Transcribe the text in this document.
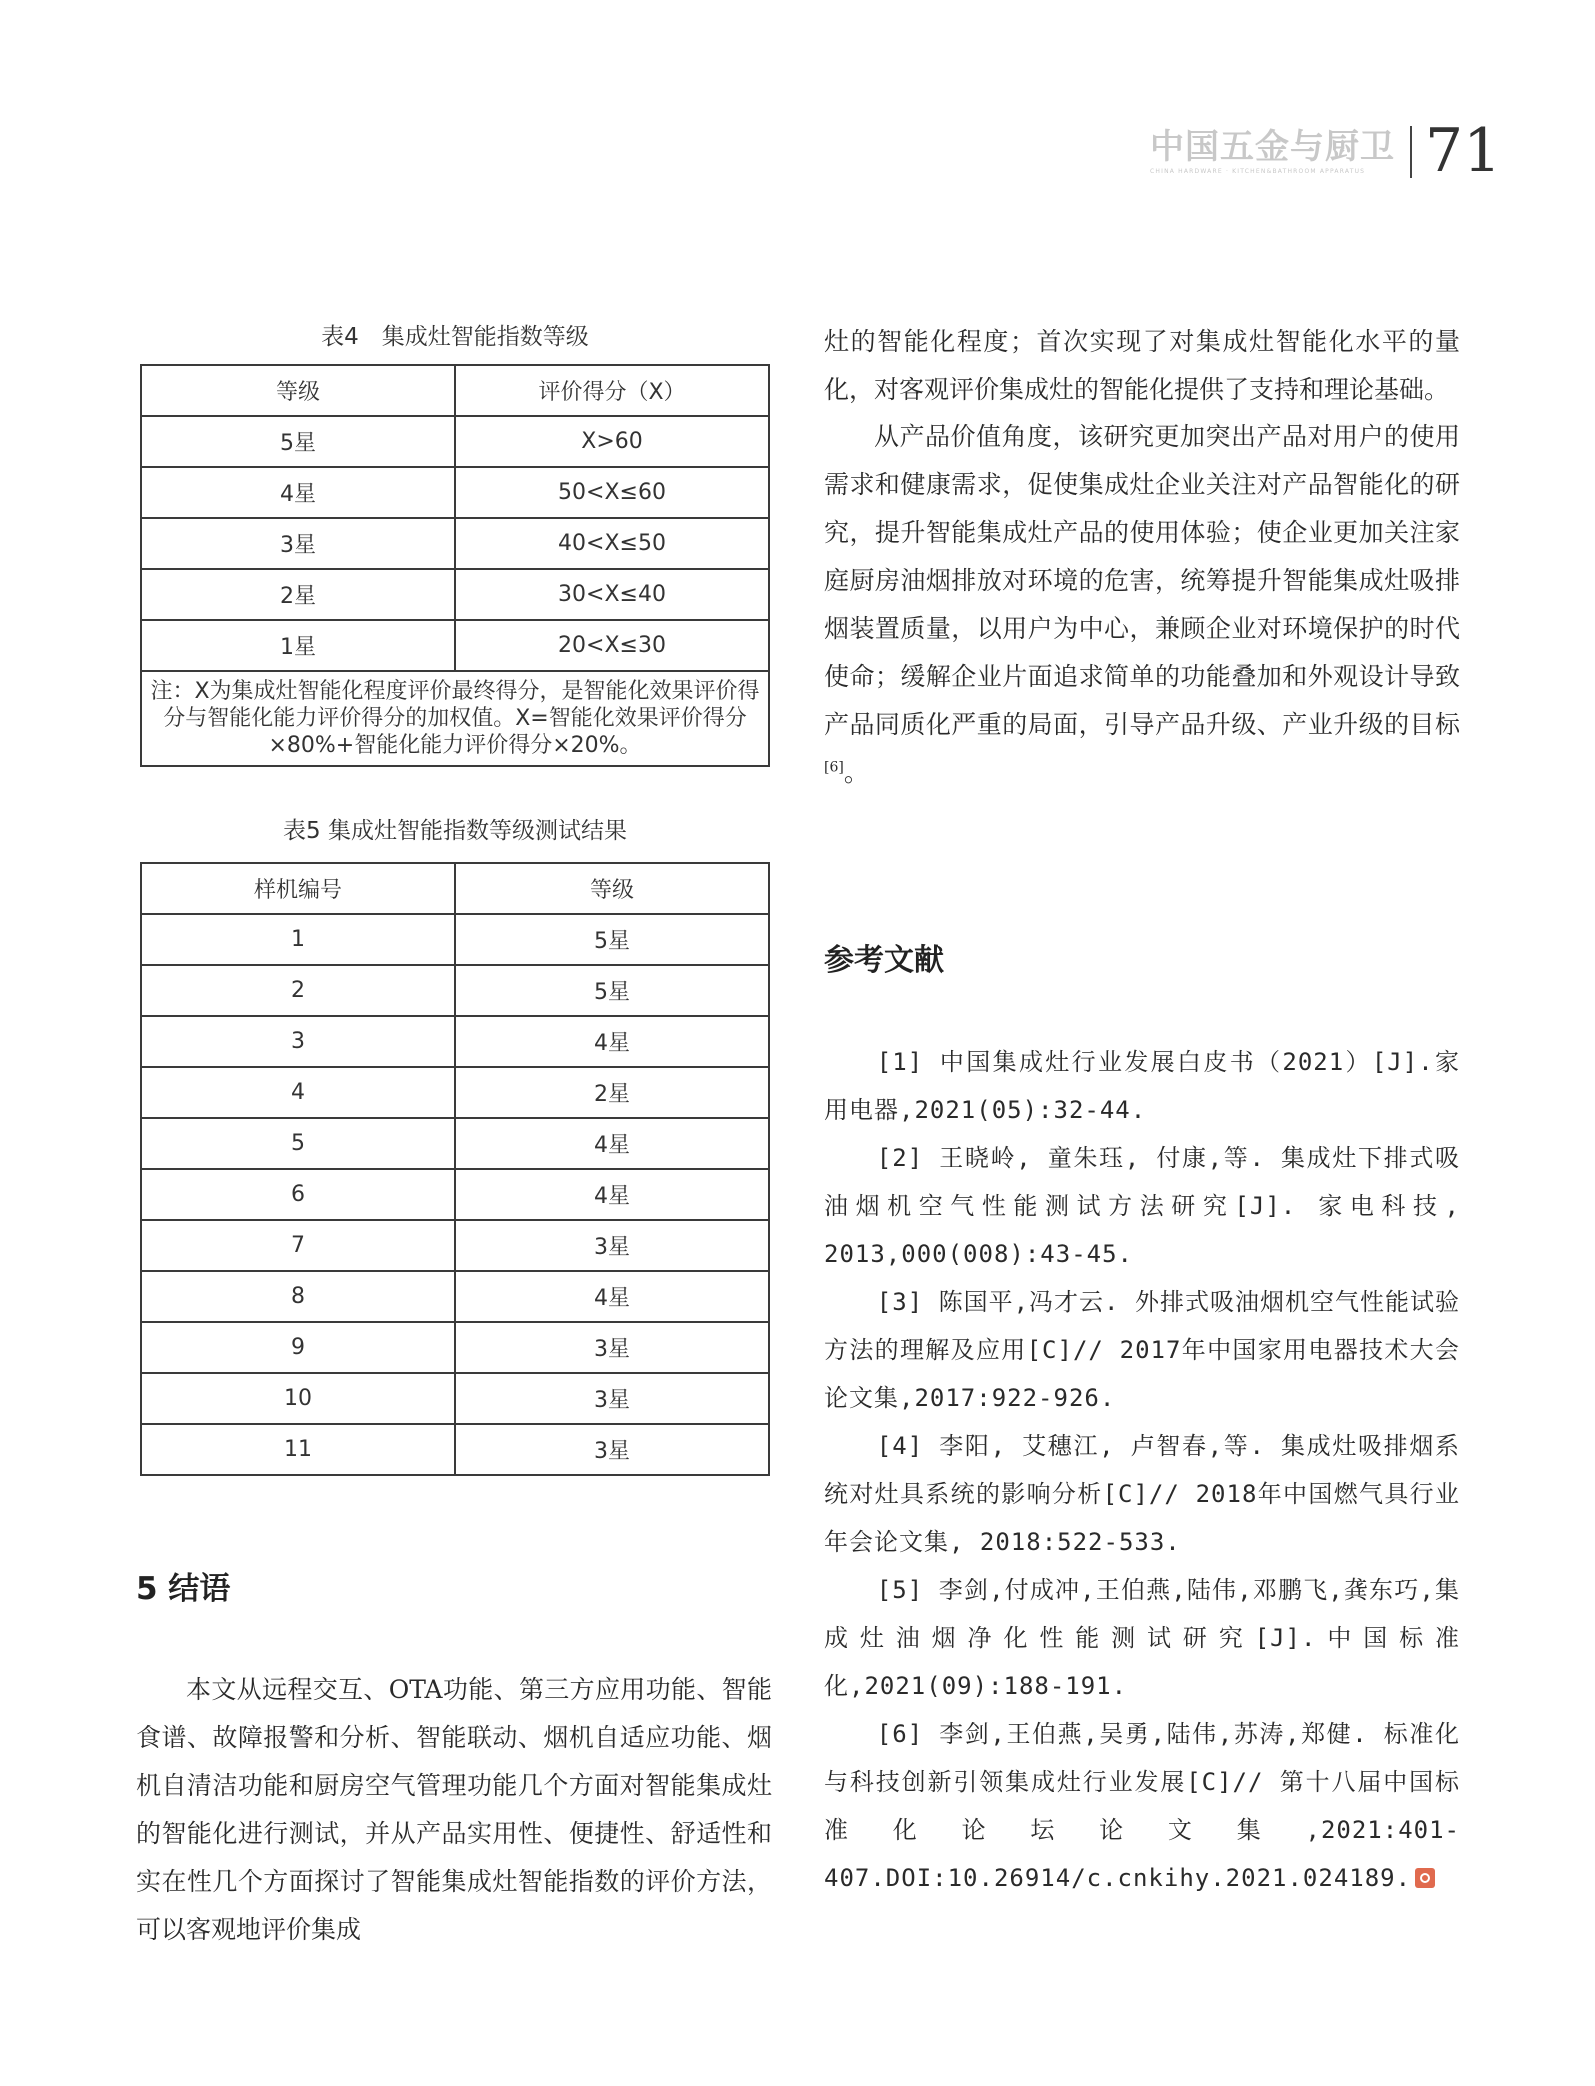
中国五金与厨卫
CHINA HARDWARE · KITCHEN&BATHROOM APPARATUS 71
表4　集成灶智能指数等级
等级	评价得分（X）
5星	X>60
4星	50<X≤60
3星	40<X≤50
2星	30<X≤40
1星	20<X≤30
注：X为集成灶智能化程度评价最终得分，是智能化效果评价得分与智能化能力评价得分的加权值。X=智能化效果评价得分×80%+智能化能力评价得分×20%。	
表5 集成灶智能指数等级测试结果
样机编号	等级
1	5星
2	5星
3	4星
4	2星
5	4星
6	4星
7	3星
8	4星
9	3星
10	3星
11	3星
5 结语
本文从远程交互、OTA功能、第三方应用功能、智能食谱、故障报警和分析、智能联动、烟机自适应功能、烟机自清洁功能和厨房空气管理功能几个方面对智能集成灶的智能化进行测试，并从产品实用性、便捷性、舒适性和实在性几个方面探讨了智能集成灶智能指数的评价方法，可以客观地评价集成
灶的智能化程度；首次实现了对集成灶智能化水平的量化，对客观评价集成灶的智能化提供了支持和理论基础。
从产品价值角度，该研究更加突出产品对用户的使用需求和健康需求，促使集成灶企业关注对产品智能化的研究，提升智能集成灶产品的使用体验；使企业更加关注家庭厨房油烟排放对环境的危害，统筹提升智能集成灶吸排烟装置质量，以用户为中心，兼顾企业对环境保护的时代使命；缓解企业片面追求简单的功能叠加和外观设计导致产品同质化严重的局面，引导产品升级、产业升级的目标[6]。
参考文献
[1] 中国集成灶行业发展白皮书（2021）[J].家用电器,2021(05):32-44.
[2] 王晓岭, 童朱珏, 付康,等. 集成灶下排式吸油烟机空气性能测试方法研究[J]. 家电科技, 2013,000(008):43-45.
[3] 陈国平,冯才云. 外排式吸油烟机空气性能试验方法的理解及应用[C]// 2017年中国家用电器技术大会论文集,2017:922-926.
[4] 李阳, 艾穗江, 卢智春,等. 集成灶吸排烟系统对灶具系统的影响分析[C]// 2018年中国燃气具行业年会论文集, 2018:522-533.
[5] 李剑,付成冲,王伯燕,陆伟,邓鹏飞,龚东巧,集成灶油烟净化性能测试研究[J].中国标准化,2021(09):188-191.
[6] 李剑,王伯燕,吴勇,陆伟,苏涛,郑健. 标准化与科技创新引领集成灶行业发展[C]// 第十八届中国标准化论坛论文集,2021:401-407.DOI:10.26914/c.cnkihy.2021.024189.
